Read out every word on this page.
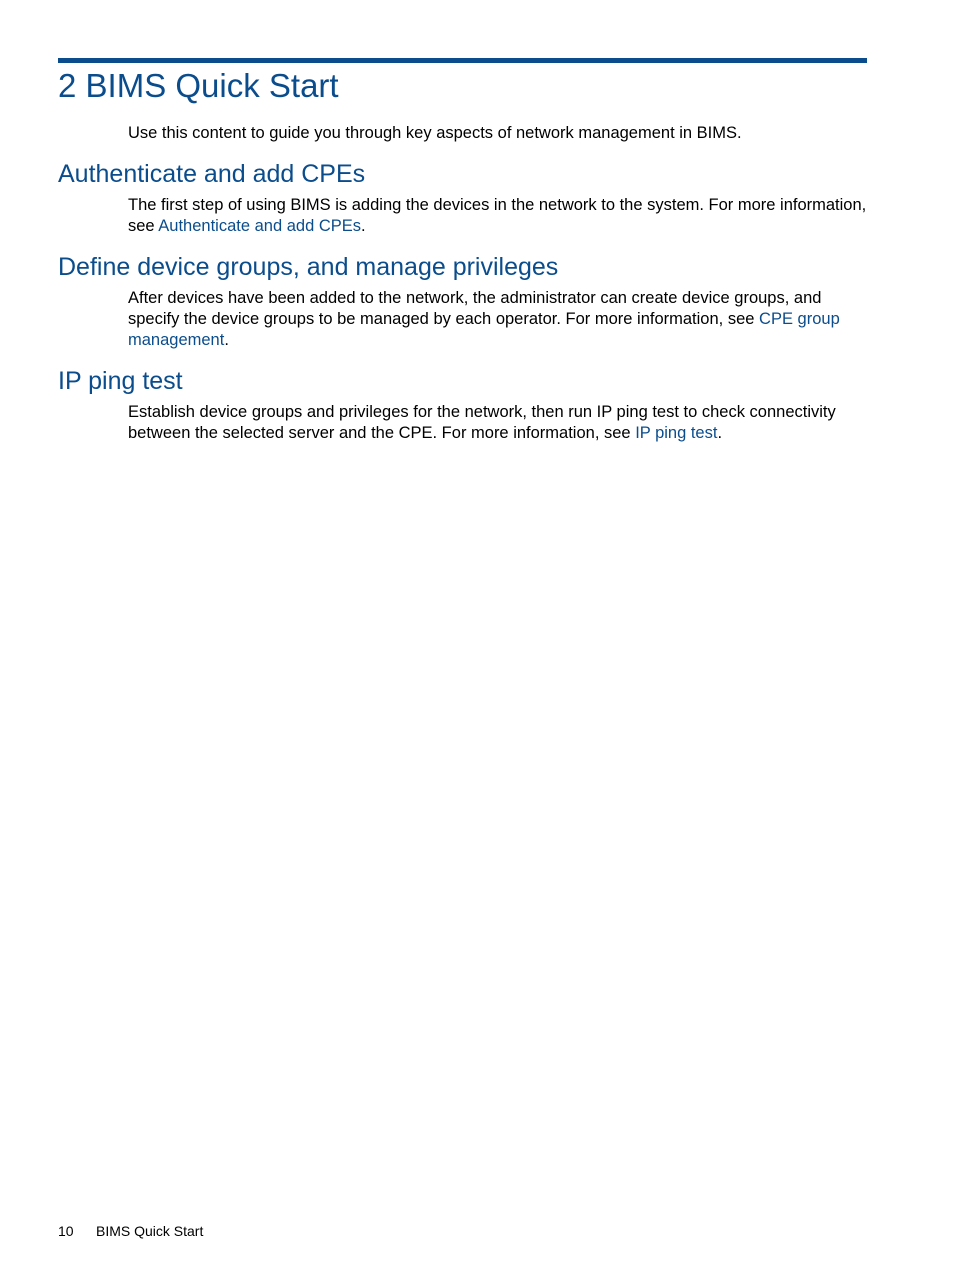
2 BIMS Quick Start

Use this content to guide you through key aspects of network management in BIMS.

Authenticate and add CPEs

The first step of using BIMS is adding the devices in the network to the system. For more information, see Authenticate and add CPEs.

Define device groups, and manage privileges

After devices have been added to the network, the administrator can create device groups, and specify the device groups to be managed by each operator. For more information, see CPE group management.

IP ping test

Establish device groups and privileges for the network, then run IP ping test to check connectivity between the selected server and the CPE. For more information, see IP ping test.

10 BIMS Quick Start
